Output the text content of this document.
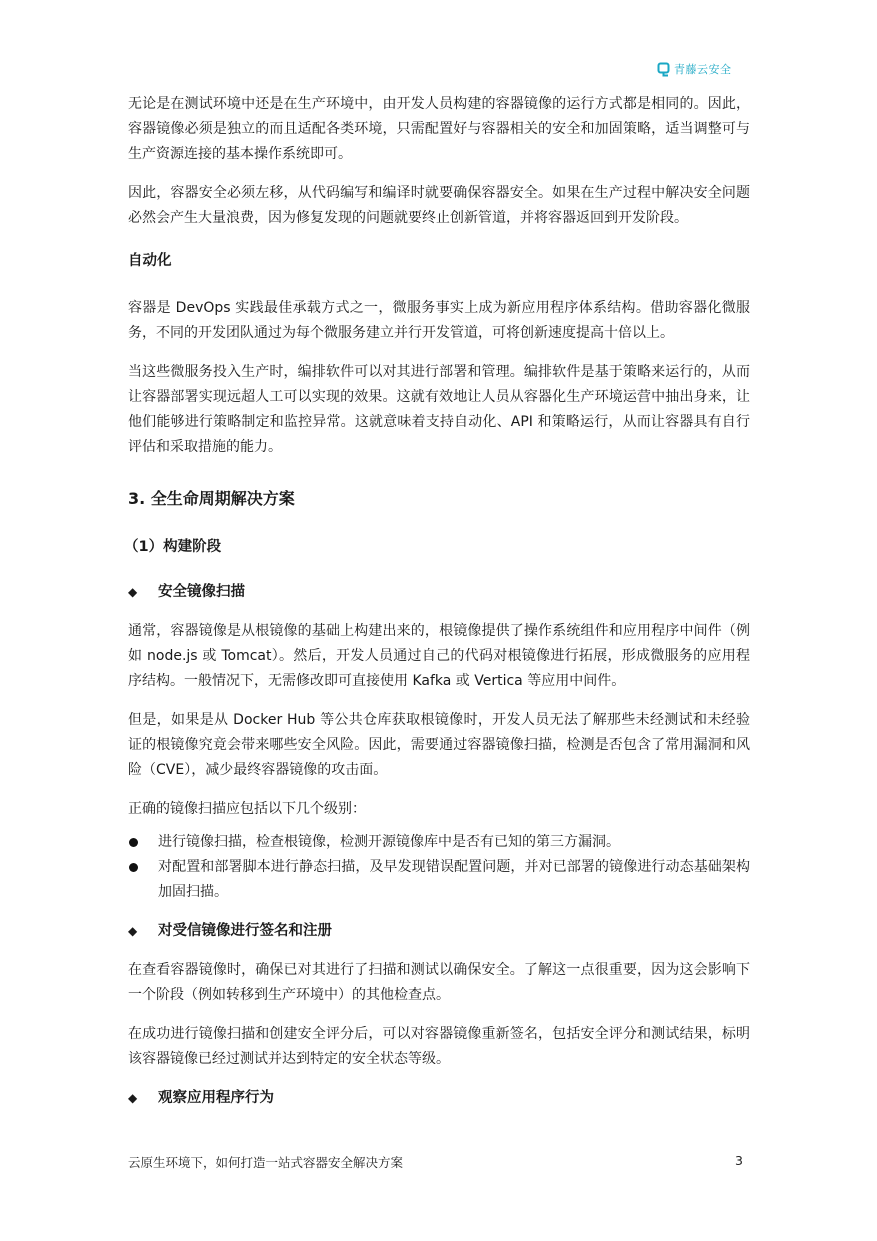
青藤云安全

无论是在测试环境中还是在生产环境中，由开发人员构建的容器镜像的运行方式都是相同的。因此，容器镜像必须是独立的而且适配各类环境，只需配置好与容器相关的安全和加固策略，适当调整可与生产资源连接的基本操作系统即可。

因此，容器安全必须左移，从代码编写和编译时就要确保容器安全。如果在生产过程中解决安全问题必然会产生大量浪费，因为修复发现的问题就要终止创新管道，并将容器返回到开发阶段。

自动化

容器是 DevOps 实践最佳承载方式之一，微服务事实上成为新应用程序体系结构。借助容器化微服务，不同的开发团队通过为每个微服务建立并行开发管道，可将创新速度提高十倍以上。

当这些微服务投入生产时，编排软件可以对其进行部署和管理。编排软件是基于策略来运行的，从而让容器部署实现远超人工可以实现的效果。这就有效地让人员从容器化生产环境运营中抽出身来，让他们能够进行策略制定和监控异常。这就意味着支持自动化、API 和策略运行，从而让容器具有自行评估和采取措施的能力。

3. 全生命周期解决方案
（1）构建阶段
◆	安全镜像扫描

通常，容器镜像是从根镜像的基础上构建出来的，根镜像提供了操作系统组件和应用程序中间件（例如 node.js 或 Tomcat）。然后，开发人员通过自己的代码对根镜像进行拓展，形成微服务的应用程序结构。一般情况下，无需修改即可直接使用 Kafka 或 Vertica 等应用中间件。

但是，如果是从 Docker Hub 等公共仓库获取根镜像时，开发人员无法了解那些未经测试和未经验证的根镜像究竟会带来哪些安全风险。因此，需要通过容器镜像扫描，检测是否包含了常用漏洞和风险（CVE），减少最终容器镜像的攻击面。

正确的镜像扫描应包括以下几个级别：

进行镜像扫描，检查根镜像，检测开源镜像库中是否有已知的第三方漏洞。
对配置和部署脚本进行静态扫描，及早发现错误配置问题，并对已部署的镜像进行动态基础架构加固扫描。
◆	对受信镜像进行签名和注册

在查看容器镜像时，确保已对其进行了扫描和测试以确保安全。了解这一点很重要，因为这会影响下一个阶段（例如转移到生产环境中）的其他检查点。

在成功进行镜像扫描和创建安全评分后，可以对容器镜像重新签名，包括安全评分和测试结果，标明该容器镜像已经过测试并达到特定的安全状态等级。

◆	观察应用程序行为
云原生环境下，如何打造一站式容器安全解决方案	3
